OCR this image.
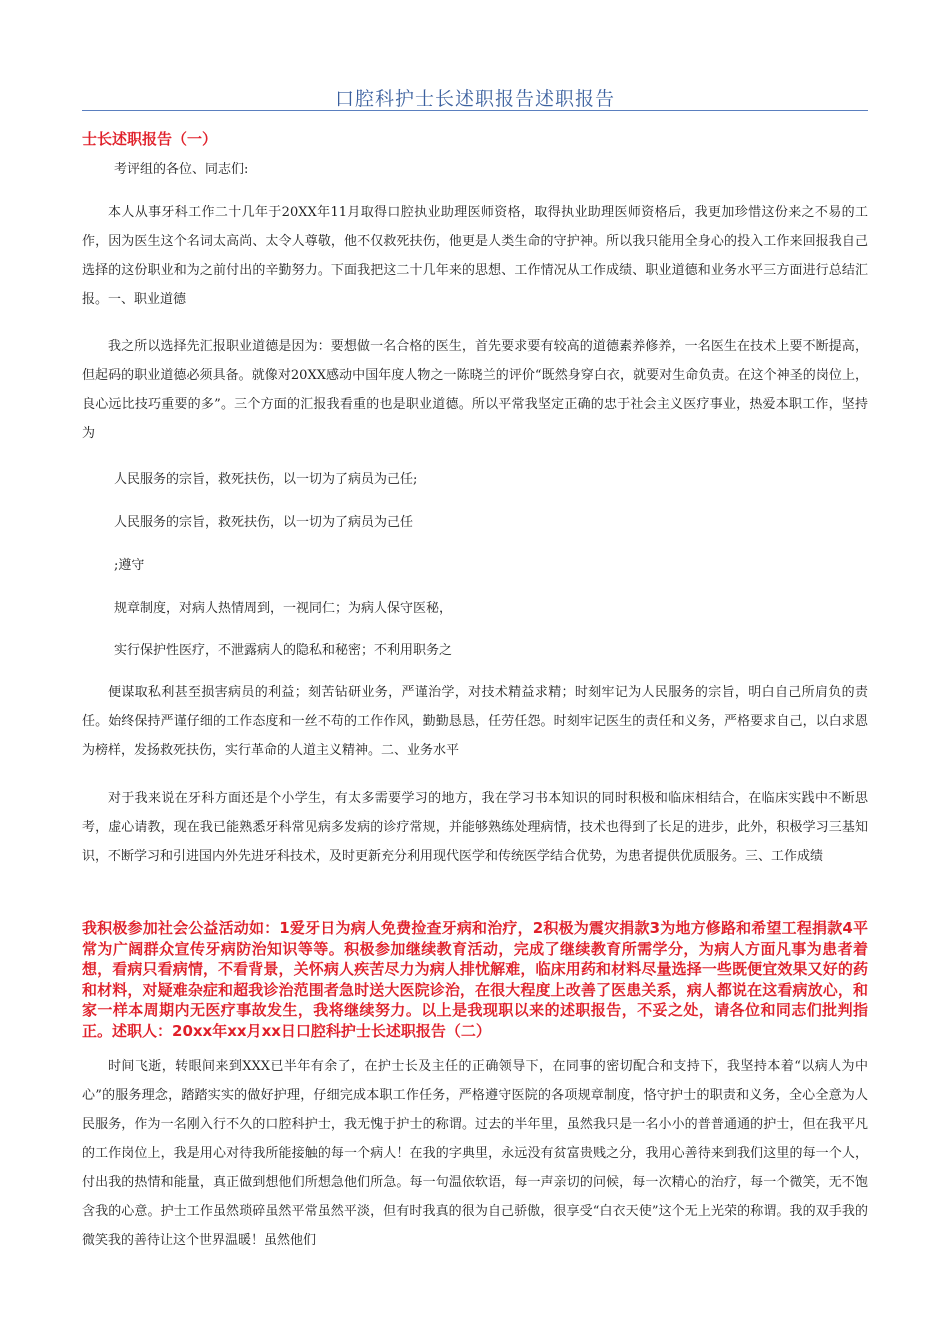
口腔科护士长述职报告述职报告
士长述职报告（一）

考评组的各位、同志们:

本人从事牙科工作二十几年于20XX年11月取得口腔执业助理医师资格，取得执业助理医师资格后，我更加珍惜这份来之不易的工作，因为医生这个名词太高尚、太令人尊敬，他不仅救死扶伤，他更是人类生命的守护神。所以我只能用全身心的投入工作来回报我自己选择的这份职业和为之前付出的辛勤努力。下面我把这二十几年来的思想、工作情况从工作成绩、职业道德和业务水平三方面进行总结汇报。一、职业道德

我之所以选择先汇报职业道德是因为：要想做一名合格的医生，首先要求要有较高的道德素养修养，一名医生在技术上要不断提高，但起码的职业道德必须具备。就像对20XX感动中国年度人物之一陈晓兰的评价“既然身穿白衣，就要对生命负责。在这个神圣的岗位上，良心远比技巧重要的多”。三个方面的汇报我看重的也是职业道德。所以平常我坚定正确的忠于社会主义医疗事业，热爱本职工作，坚持为

人民服务的宗旨，救死扶伤，以一切为了病员为己任;

人民服务的宗旨，救死扶伤，以一切为了病员为己任

;遵守

规章制度，对病人热情周到，一视同仁；为病人保守医秘，

实行保护性医疗，不泄露病人的隐私和秘密；不利用职务之

便谋取私利甚至损害病员的利益；刻苦钻研业务，严谨治学，对技术精益求精；时刻牢记为人民服务的宗旨，明白自己所肩负的责任。始终保持严谨仔细的工作态度和一丝不苟的工作作风，勤勤恳恳，任劳任怨。时刻牢记医生的责任和义务，严格要求自己，以白求恩为榜样，发扬救死扶伤，实行革命的人道主义精神。二、业务水平

对于我来说在牙科方面还是个小学生，有太多需要学习的地方，我在学习书本知识的同时积极和临床相结合，在临床实践中不断思考，虚心请教，现在我已能熟悉牙科常见病多发病的诊疗常规，并能够熟练处理病情，技术也得到了长足的进步，此外，积极学习三基知识，不断学习和引进国内外先进牙科技术，及时更新充分利用现代医学和传统医学结合优势，为患者提供优质服务。三、工作成绩

我积极参加社会公益活动如：1爱牙日为病人免费捡查牙病和治疗，2积极为震灾捐款3为地方修路和希望工程捐款4平常为广阔群众宣传牙病防治知识等等。积极参加继续教育活动，完成了继续教育所需学分，为病人方面凡事为患者着想，看病只看病情，不看背景，关怀病人疾苦尽力为病人排忧解难，临床用药和材料尽量选择一些既便宜效果又好的药和材料，对疑难杂症和超我诊治范围者急时送大医院诊治，在很大程度上改善了医患关系，病人都说在这看病放心，和家一样本周期内无医疗事故发生，我将继续努力。以上是我现职以来的述职报告，不妥之处，请各位和同志们批判指正。述职人：20xx年xx月xx日口腔科护士长述职报告（二）

时间飞逝，转眼间来到XXX已半年有余了，在护士长及主任的正确领导下，在同事的密切配合和支持下，我坚持本着“以病人为中心”的服务理念，踏踏实实的做好护理，仔细完成本职工作任务，严格遵守医院的各项规章制度，恪守护士的职责和义务，全心全意为人民服务，作为一名刚入行不久的口腔科护士，我无愧于护士的称谓。过去的半年里，虽然我只是一名小小的普普通通的护士，但在我平凡的工作岗位上，我是用心对待我所能接触的每一个病人！在我的字典里，永远没有贫富贵贱之分，我用心善待来到我们这里的每一个人，付出我的热情和能量，真正做到想他们所想急他们所急。每一句温依软语，每一声亲切的问候，每一次精心的治疗，每一个微笑，无不饱含我的心意。护士工作虽然琐碎虽然平常虽然平淡，但有时我真的很为自己骄傲，很享受“白衣天使”这个无上光荣的称谓。我的双手我的微笑我的善待让这个世界温暖！虽然他们
